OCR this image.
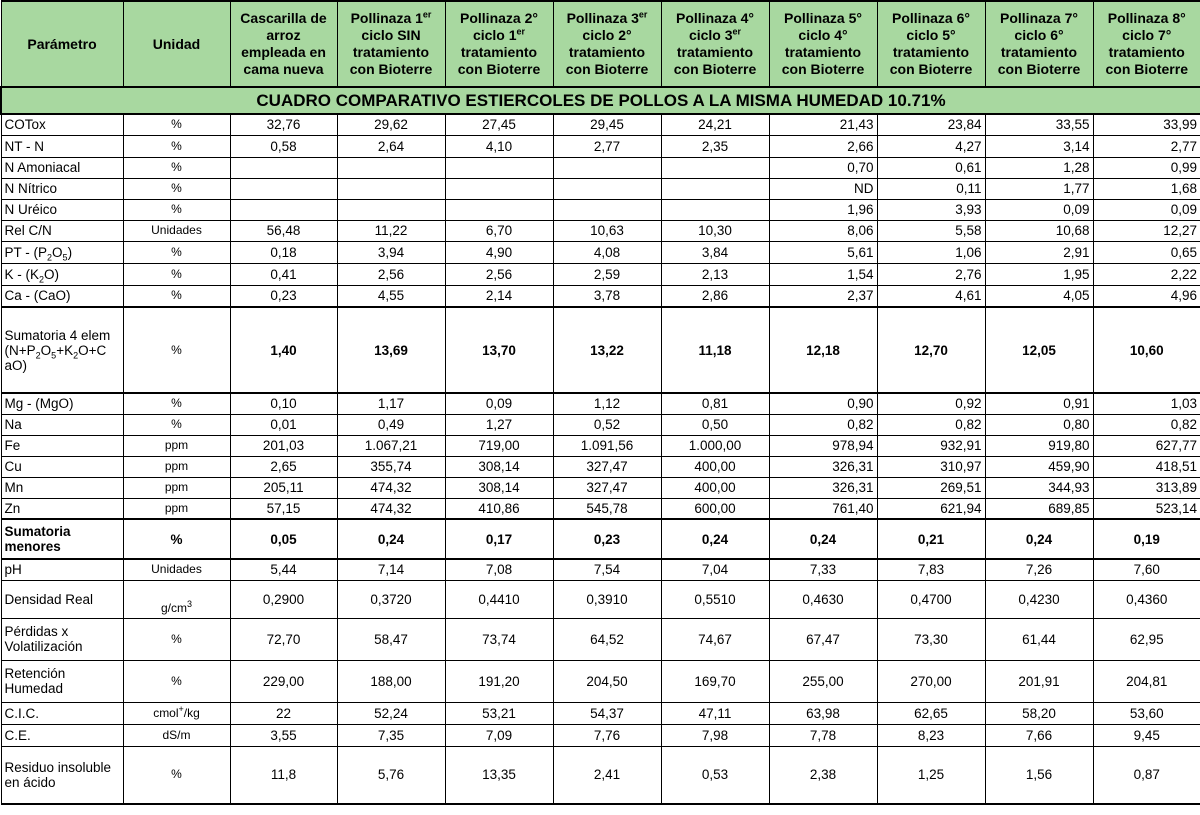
CUADRO COMPARATIVO ESTIERCOLES DE POLLOS A LA MISMA HUMEDAD 10.71%										
Parámetro	Unidad	Cascarilla de arroz empleada en cama nueva	Pollinaza 1er ciclo SIN tratamiento con Bioterre	Pollinaza 2° ciclo 1er tratamiento con Bioterre	Pollinaza 3er ciclo 2° tratamiento con Bioterre	Pollinaza 4° ciclo 3er tratamiento con Bioterre	Pollinaza 5° ciclo 4° tratamiento con Bioterre	Pollinaza 6° ciclo 5° tratamiento con Bioterre	Pollinaza 7° ciclo 6° tratamiento con Bioterre	Pollinaza 8° ciclo 7° tratamiento con Bioterre
COTox	%	32,76	29,62	27,45	29,45	24,21	21,43	23,84	33,55	33,99
NT - N	%	0,58	2,64	4,10	2,77	2,35	2,66	4,27	3,14	2,77
N Amoniacal	%						0,70	0,61	1,28	0,99
N Nítrico	%						ND	0,11	1,77	1,68
N Uréico	%						1,96	3,93	0,09	0,09
Rel C/N	Unidades	56,48	11,22	6,70	10,63	10,30	8,06	5,58	10,68	12,27
PT - $(P_2O_5)$	%	0,18	3,94	4,90	4,08	3,84	5,61	1,06	2,91	0,65
K - $(K_2O)$	%	0,41	2,56	2,56	2,59	2,13	1,54	2,76	1,95	2,22
Ca - (CaO)	%	0,23	4,55	2,14	3,78	2,86	2,37	4,61	4,05	4,96
Sumatoria 4 elem ($N+P_2O_5+K_2O+C$ aO)	%	1,40	13,69	13,70	13,22	11,18	12,18	12,70	12,05	10,60
Mg - (MgO)	%	0,10	1,17	0,09	1,12	0,81	0,90	0,92	0,91	1,03
Na	%	0,01	0,49	1,27	0,52	0,50	0,82	0,82	0,80	0,82
Fe	ppm	201,03	1.067,21	719,00	1.091,56	1.000,00	978,94	932,91	919,80	627,77
Cu	ppm	2,65	355,74	308,14	327,47	400,00	326,31	310,97	459,90	418,51
Mn	ppm	205,11	474,32	308,14	327,47	400,00	326,31	269,51	344,93	313,89
Zn	ppm	57,15	474,32	410,86	545,78	600,00	761,40	621,94	689,85	523,14
Sumatoria menores	%	0,05	0,24	0,17	0,23	0,24	0,24	0,21	0,24	0,19
pH	Unidades	5,44	7,14	7,08	7,54	7,04	7,33	7,83	7,26	7,60
Densidad Real	$g/cm^3$	0,2900	0,3720	0,4410	0,3910	0,5510	0,4630	0,4700	0,4230	0,4360
Pérdidas x Volatilización	%	72,70	58,47	73,74	64,52	74,67	67,47	73,30	61,44	62,95
Retención Humedad	%	229,00	188,00	191,20	204,50	169,70	255,00	270,00	201,91	204,81
C.I.C.	cmol+/kg	22	52,24	53,21	54,37	47,11	63,98	62,65	58,20	53,60
C.E.	dS/m	3,55	7,35	7,09	7,76	7,98	7,78	8,23	7,66	9,45
Residuo insoluble en ácido	%	11,8	5,76	13,35	2,41	0,53	2,38	1,25	1,56	0,87
